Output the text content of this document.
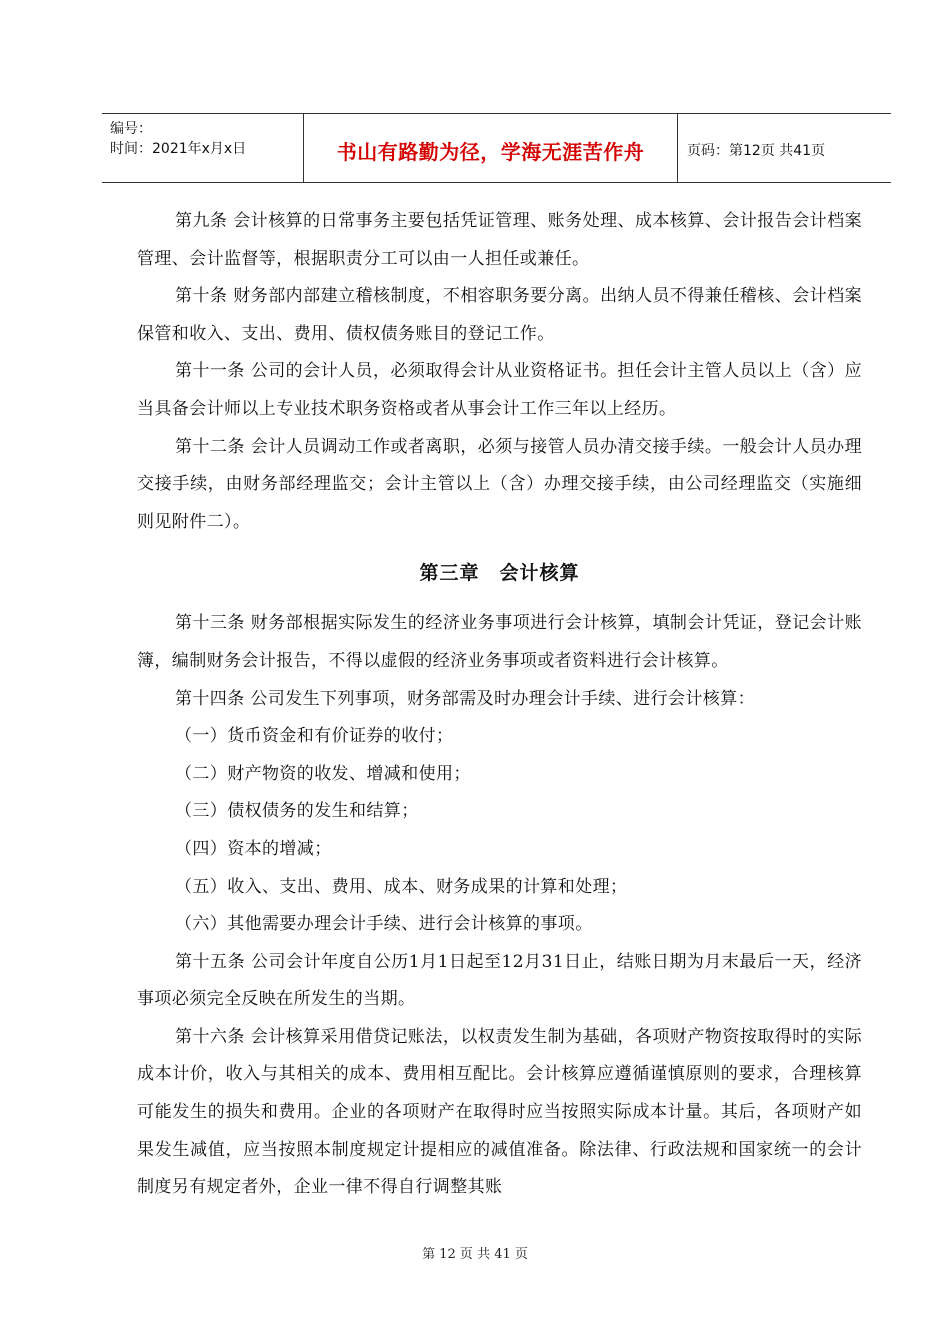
编号：
时间：2021年x月x日	书山有路勤为径，学海无涯苦作舟	页码：第12页 共41页

第九条 会计核算的日常事务主要包括凭证管理、账务处理、成本核算、会计报告会计档案管理、会计监督等，根据职责分工可以由一人担任或兼任。

第十条 财务部内部建立稽核制度，不相容职务要分离。出纳人员不得兼任稽核、会计档案保管和收入、支出、费用、债权债务账目的登记工作。

第十一条 公司的会计人员，必须取得会计从业资格证书。担任会计主管人员以上（含）应当具备会计师以上专业技术职务资格或者从事会计工作三年以上经历。

第十二条 会计人员调动工作或者离职，必须与接管人员办清交接手续。一般会计人员办理交接手续，由财务部经理监交；会计主管以上（含）办理交接手续，由公司经理监交（实施细则见附件二）。

第三章　会计核算

第十三条 财务部根据实际发生的经济业务事项进行会计核算，填制会计凭证，登记会计账簿，编制财务会计报告，不得以虚假的经济业务事项或者资料进行会计核算。

第十四条 公司发生下列事项，财务部需及时办理会计手续、进行会计核算：

（一）货币资金和有价证券的收付；

（二）财产物资的收发、增减和使用；

（三）债权债务的发生和结算；

（四）资本的增减；

（五）收入、支出、费用、成本、财务成果的计算和处理；

（六）其他需要办理会计手续、进行会计核算的事项。

第十五条 公司会计年度自公历1月1日起至12月31日止，结账日期为月末最后一天，经济事项必须完全反映在所发生的当期。

第十六条 会计核算采用借贷记账法，以权责发生制为基础，各项财产物资按取得时的实际成本计价，收入与其相关的成本、费用相互配比。会计核算应遵循谨慎原则的要求，合理核算可能发生的损失和费用。企业的各项财产在取得时应当按照实际成本计量。其后，各项财产如果发生减值，应当按照本制度规定计提相应的减值准备。除法律、行政法规和国家统一的会计制度另有规定者外，企业一律不得自行调整其账

第 12 页 共 41 页
